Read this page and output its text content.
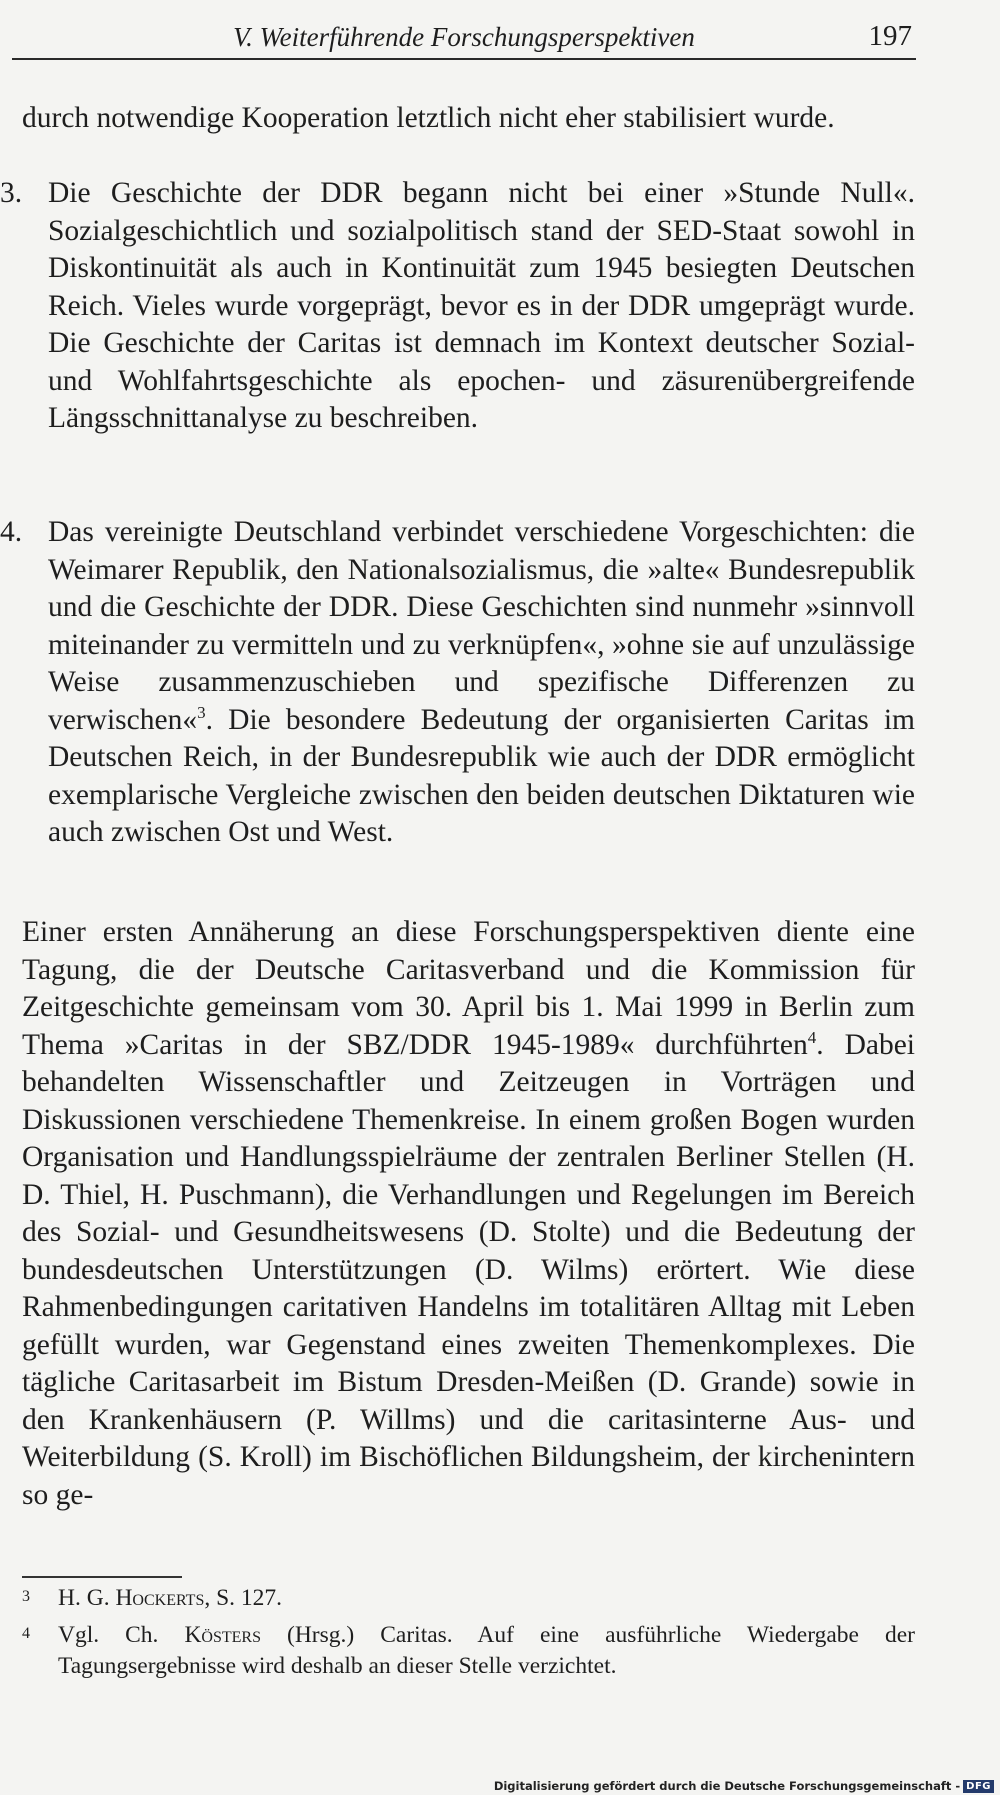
V. Weiterführende Forschungsperspektiven	197
durch notwendige Kooperation letztlich nicht eher stabilisiert wurde.
3. Die Geschichte der DDR begann nicht bei einer »Stunde Null«. Sozialgeschichtlich und sozialpolitisch stand der SED-Staat sowohl in Diskontinuität als auch in Kontinuität zum 1945 besiegten Deutschen Reich. Vieles wurde vorgeprägt, bevor es in der DDR umgeprägt wurde. Die Geschichte der Caritas ist demnach im Kontext deutscher Sozial- und Wohlfahrtsgeschichte als epochen- und zäsurenübergreifende Längsschnittanalyse zu beschreiben.
4. Das vereinigte Deutschland verbindet verschiedene Vorgeschichten: die Weimarer Republik, den Nationalsozialismus, die »alte« Bundesrepublik und die Geschichte der DDR. Diese Geschichten sind nunmehr »sinnvoll miteinander zu vermitteln und zu verknüpfen«, »ohne sie auf unzulässige Weise zusammenzuschieben und spezifische Differenzen zu verwischen«$^3$. Die besondere Bedeutung der organisierten Caritas im Deutschen Reich, in der Bundesrepublik wie auch der DDR ermöglicht exemplarische Vergleiche zwischen den beiden deutschen Diktaturen wie auch zwischen Ost und West.
Einer ersten Annäherung an diese Forschungsperspektiven diente eine Tagung, die der Deutsche Caritasverband und die Kommission für Zeitgeschichte gemeinsam vom 30. April bis 1. Mai 1999 in Berlin zum Thema »Caritas in der SBZ/DDR 1945-1989« durchführten$^4$. Dabei behandelten Wissenschaftler und Zeitzeugen in Vorträgen und Diskussionen verschiedene Themenkreise. In einem großen Bogen wurden Organisation und Handlungsspielräume der zentralen Berliner Stellen (H. D. Thiel, H. Puschmann), die Verhandlungen und Regelungen im Bereich des Sozial- und Gesundheitswesens (D. Stolte) und die Bedeutung der bundesdeutschen Unterstützungen (D. Wilms) erörtert. Wie diese Rahmenbedingungen caritativen Handelns im totalitären Alltag mit Leben gefüllt wurden, war Gegenstand eines zweiten Themenkomplexes. Die tägliche Caritasarbeit im Bistum Dresden-Meißen (D. Grande) sowie in den Krankenhäusern (P. Willms) und die caritasinterne Aus- und Weiterbildung (S. Kroll) im Bischöflichen Bildungsheim, der kirchenintern so ge-
3 H. G. Hockerts, S. 127.
4 Vgl. Ch. Kösters (Hrsg.) Caritas. Auf eine ausführliche Wiedergabe der Tagungsergebnisse wird deshalb an dieser Stelle verzichtet.
Digitalisierung gefördert durch die Deutsche Forschungsgemeinschaft - DFG
